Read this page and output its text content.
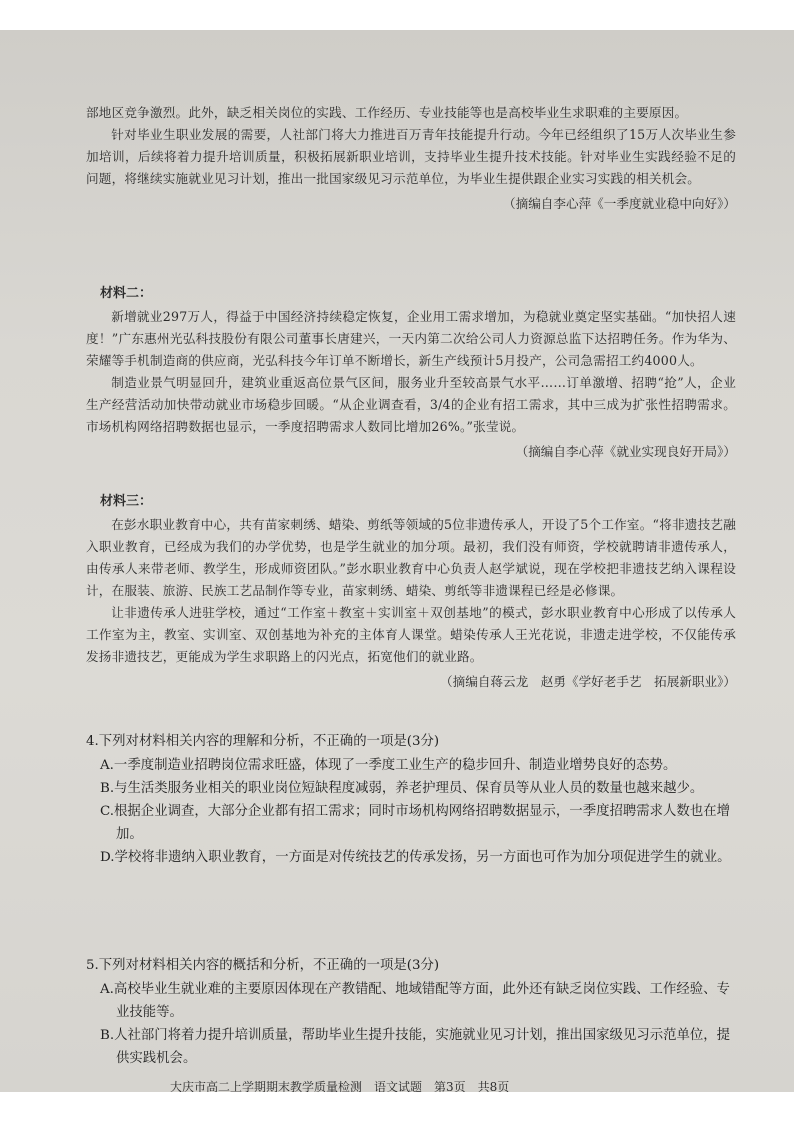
部地区竞争激烈。此外，缺乏相关岗位的实践、工作经历、专业技能等也是高校毕业生求职难的主要原因。

针对毕业生职业发展的需要，人社部门将大力推进百万青年技能提升行动。今年已经组织了15万人次毕业生参加培训，后续将着力提升培训质量，积极拓展新职业培训，支持毕业生提升技术技能。针对毕业生实践经验不足的问题，将继续实施就业见习计划，推出一批国家级见习示范单位，为毕业生提供跟企业实习实践的相关机会。

（摘编自李心萍《一季度就业稳中向好》）

材料二：

新增就业297万人，得益于中国经济持续稳定恢复，企业用工需求增加，为稳就业奠定坚实基础。“加快招人速度！”广东惠州光弘科技股份有限公司董事长唐建兴，一天内第二次给公司人力资源总监下达招聘任务。作为华为、荣耀等手机制造商的供应商，光弘科技今年订单不断增长，新生产线预计5月投产，公司急需招工约4000人。

制造业景气明显回升，建筑业重返高位景气区间，服务业升至较高景气水平……订单激增、招聘“抢”人，企业生产经营活动加快带动就业市场稳步回暖。“从企业调查看，3/4的企业有招工需求，其中三成为扩张性招聘需求。市场机构网络招聘数据也显示，一季度招聘需求人数同比增加26%。”张莹说。

（摘编自李心萍《就业实现良好开局》）

材料三：

在彭水职业教育中心，共有苗家刺绣、蜡染、剪纸等领域的5位非遗传承人，开设了5个工作室。“将非遗技艺融入职业教育，已经成为我们的办学优势，也是学生就业的加分项。最初，我们没有师资，学校就聘请非遗传承人，由传承人来带老师、教学生，形成师资团队。”彭水职业教育中心负责人赵学斌说，现在学校把非遗技艺纳入课程设计，在服装、旅游、民族工艺品制作等专业，苗家刺绣、蜡染、剪纸等非遗课程已经是必修课。

让非遗传承人进驻学校，通过“工作室＋教室＋实训室＋双创基地”的模式，彭水职业教育中心形成了以传承人工作室为主，教室、实训室、双创基地为补充的主体育人课堂。蜡染传承人王光花说，非遗走进学校，不仅能传承发扬非遗技艺，更能成为学生求职路上的闪光点，拓宽他们的就业路。

（摘编自蒋云龙　赵勇《学好老手艺　拓展新职业》）

4.下列对材料相关内容的理解和分析，不正确的一项是(3分)

A.一季度制造业招聘岗位需求旺盛，体现了一季度工业生产的稳步回升、制造业增势良好的态势。

B.与生活类服务业相关的职业岗位短缺程度减弱，养老护理员、保育员等从业人员的数量也越来越少。

C.根据企业调查，大部分企业都有招工需求；同时市场机构网络招聘数据显示，一季度招聘需求人数也在增加。

D.学校将非遗纳入职业教育，一方面是对传统技艺的传承发扬，另一方面也可作为加分项促进学生的就业。

5.下列对材料相关内容的概括和分析，不正确的一项是(3分)

A.高校毕业生就业难的主要原因体现在产教错配、地域错配等方面，此外还有缺乏岗位实践、工作经验、专业技能等。

B.人社部门将着力提升培训质量，帮助毕业生提升技能，实施就业见习计划，推出国家级见习示范单位，提供实践机会。

大庆市高二上学期期末教学质量检测　语文试题　第3页　共8页
